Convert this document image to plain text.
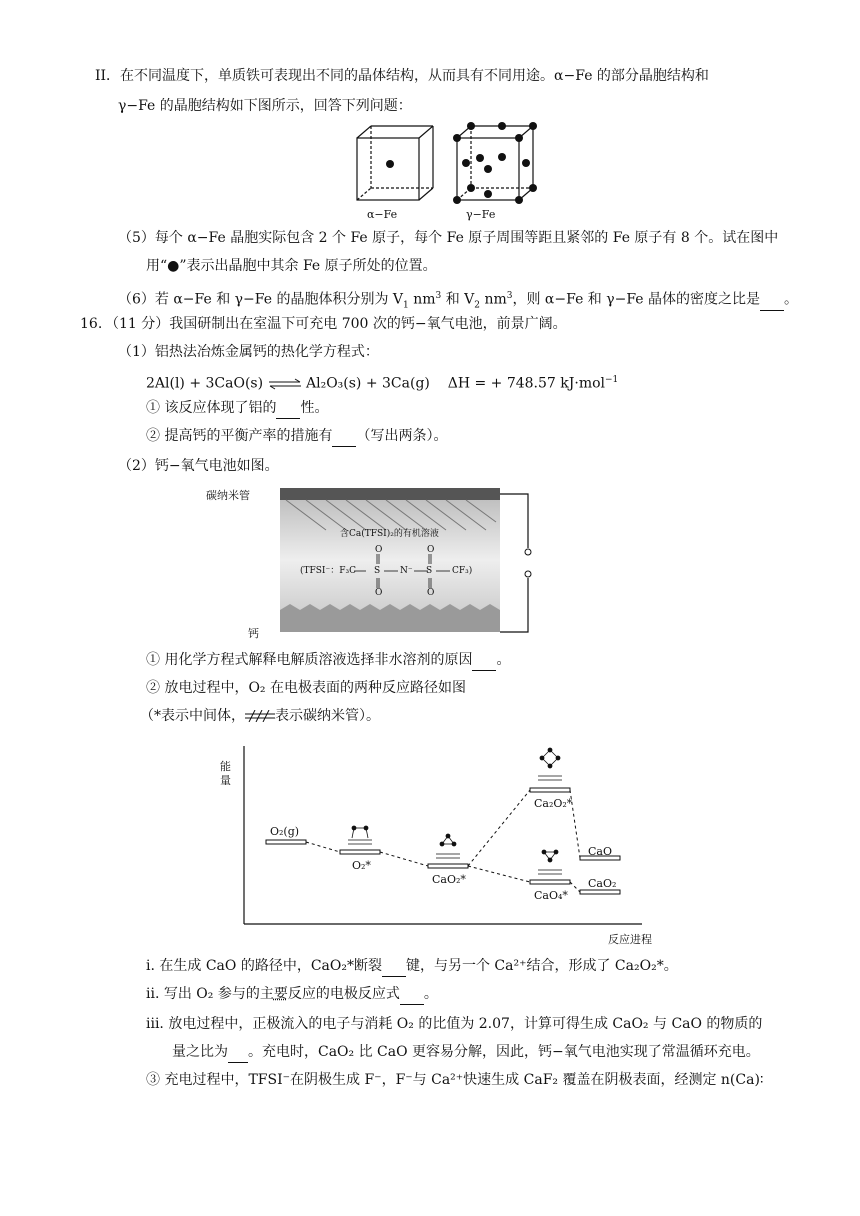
II．在不同温度下，单质铁可表现出不同的晶体结构，从而具有不同用途。α−Fe 的部分晶胞结构和
γ−Fe 的晶胞结构如下图所示，回答下列问题：
α−Fe	γ−Fe
（5）每个 α−Fe 晶胞实际包含 2 个 Fe 原子，每个 Fe 原子周围等距且紧邻的 Fe 原子有 8 个。试在图中
用“●”表示出晶胞中其余 Fe 原子所处的位置。
（6）若 α−Fe 和 γ−Fe 的晶胞体积分别为 $V_1$ $nm^3$ 和 $V_2$ $nm^3$，则 α−Fe 和 γ−Fe 晶体的密度之比是 。
16. （11 分）我国研制出在室温下可充电 700 次的钙−氧气电池，前景广阔。
（1）铝热法冶炼金属钙的热化学方程式：
2Al(l) + 3CaO(s) ⇌ Al₂O₃(s) + 3Ca(g) ΔH = + 748.57 kJ·mol$^{-1}$
① 该反应体现了铝的 性。
② 提高钙的平衡产率的措施有 （写出两条）。
（2）钙−氧气电池如图。
碳纳米管
钙
含Ca(TFSI)₂的有机溶液
(TFSI⁻：F₃C S N⁻ S CF₃)
O
O
O
O
① 用化学方程式解释电解质溶液选择非水溶剂的原因 。
② 放电过程中，O₂ 在电极表面的两种反应路径如图
（*表示中间体， 表示碳纳米管）。
能量
反应进程
O₂(g)
O₂*
CaO₂*
Ca₂O₂*
CaO
CaO₄*
CaO₂
i. 在生成 CaO 的路径中，CaO₂*断裂 键，与另一个 Ca²⁺结合，形成了 Ca₂O₂*。
ii. 写出 O₂ 参与的主要反应的电极反应式 。
iii. 放电过程中，正极流入的电子与消耗 O₂ 的比值为 2.07，计算可得生成 CaO₂ 与 CaO 的物质的
量之比为 。充电时，CaO₂ 比 CaO 更容易分解，因此，钙−氧气电池实现了常温循环充电。
③ 充电过程中，TFSI⁻在阴极生成 F⁻，F⁻与 Ca²⁺快速生成 CaF₂ 覆盖在阴极表面，经测定 n(Ca)∶
